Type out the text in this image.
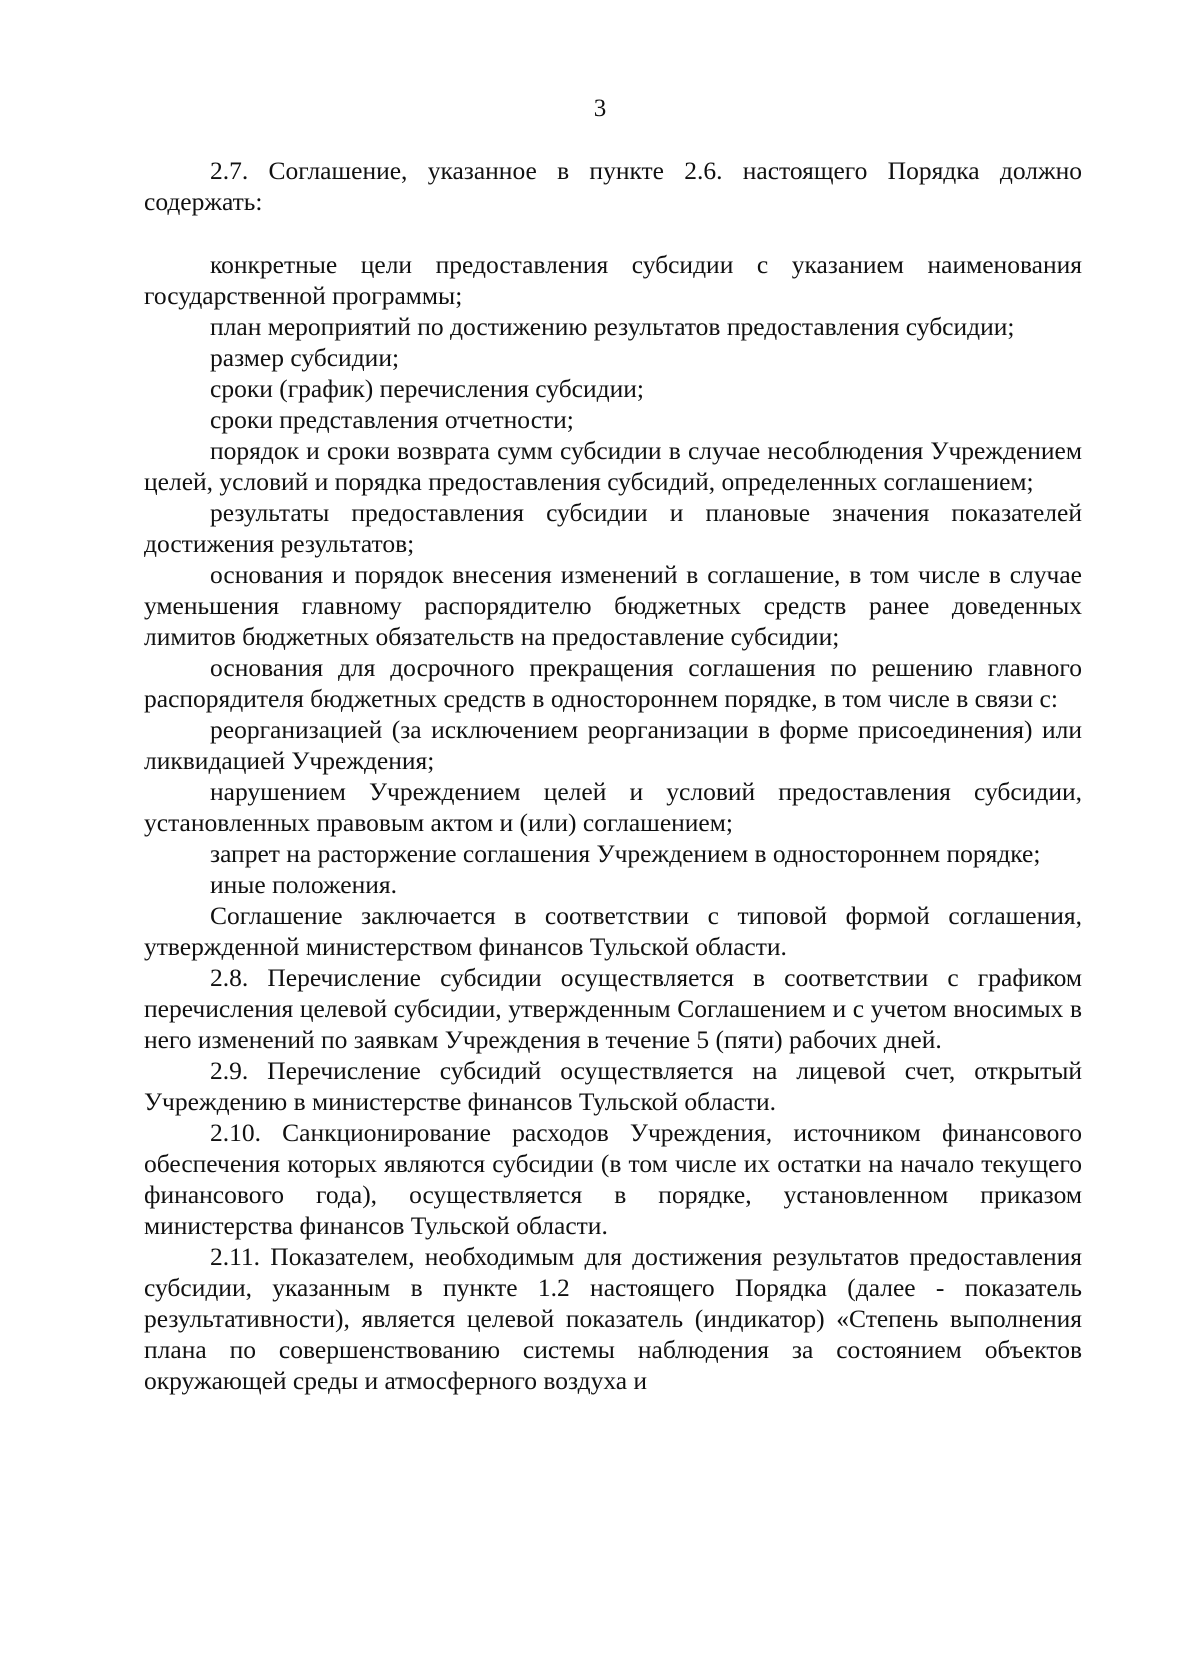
3

2.7. Соглашение, указанное в пункте 2.6. настоящего Порядка должно содержать:

конкретные цели предоставления субсидии с указанием наименования государственной программы;

план мероприятий по достижению результатов предоставления субсидии;

размер субсидии;

сроки (график) перечисления субсидии;

сроки представления отчетности;

порядок и сроки возврата сумм субсидии в случае несоблюдения Учреждением целей, условий и порядка предоставления субсидий, определенных соглашением;

результаты предоставления субсидии и плановые значения показателей достижения результатов;

основания и порядок внесения изменений в соглашение, в том числе в случае уменьшения главному распорядителю бюджетных средств ранее доведенных лимитов бюджетных обязательств на предоставление субсидии;

основания для досрочного прекращения соглашения по решению главного распорядителя бюджетных средств в одностороннем порядке, в том числе в связи с:

реорганизацией (за исключением реорганизации в форме присоединения) или ликвидацией Учреждения;

нарушением Учреждением целей и условий предоставления субсидии, установленных правовым актом и (или) соглашением;

запрет на расторжение соглашения Учреждением в одностороннем порядке;

иные положения.

Соглашение заключается в соответствии с типовой формой соглашения, утвержденной министерством финансов Тульской области.

2.8. Перечисление субсидии осуществляется в соответствии с графиком перечисления целевой субсидии, утвержденным Соглашением и с учетом вносимых в него изменений по заявкам Учреждения в течение 5 (пяти) рабочих дней.

2.9. Перечисление субсидий осуществляется на лицевой счет, открытый Учреждению в министерстве финансов Тульской области.

2.10. Санкционирование расходов Учреждения, источником финансового обеспечения которых являются субсидии (в том числе их остатки на начало текущего финансового года), осуществляется в порядке, установленном приказом министерства финансов Тульской области.

2.11. Показателем, необходимым для достижения результатов предоставления субсидии, указанным в пункте 1.2 настоящего Порядка (далее - показатель результативности), является целевой показатель (индикатор) «Степень выполнения плана по совершенствованию системы наблюдения за состоянием объектов окружающей среды и атмосферного воздуха и
